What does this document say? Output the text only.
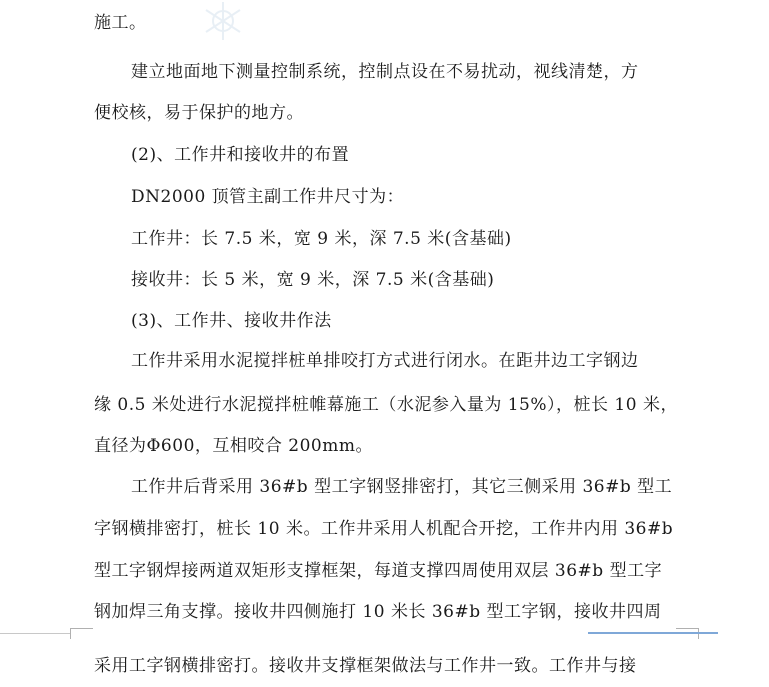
施工。
建立地面地下测量控制系统，控制点设在不易扰动，视线清楚，方
便校核，易于保护的地方。
(2)、工作井和接收井的布置
DN2000 顶管主副工作井尺寸为：
工作井：长 7.5 米，宽 9 米，深 7.5 米(含基础)
接收井：长 5 米，宽 9 米，深 7.5 米(含基础)
(3)、工作井、接收井作法
工作井采用水泥搅拌桩单排咬打方式进行闭水。在距井边工字钢边
缘 0.5 米处进行水泥搅拌桩帷幕施工（水泥参入量为 15%），桩长 10 米，
直径为Φ600，互相咬合 200mm。
工作井后背采用 36#b 型工字钢竖排密打，其它三侧采用 36#b 型工
字钢横排密打，桩长 10 米。工作井采用人机配合开挖，工作井内用 36#b
型工字钢焊接两道双矩形支撑框架，每道支撑四周使用双层 36#b 型工字
钢加焊三角支撑。接收井四侧施打 10 米长 36#b 型工字钢，接收井四周
采用工字钢横排密打。接收井支撑框架做法与工作井一致。工作井与接
